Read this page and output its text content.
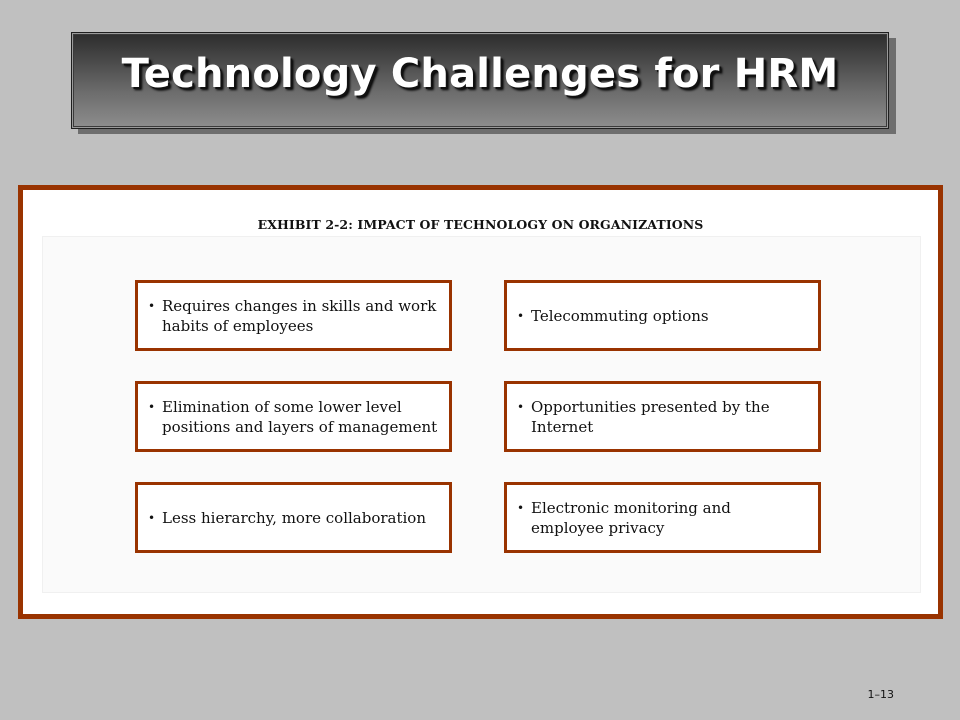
Technology Challenges for HRM
EXHIBIT 2-2: IMPACT OF TECHNOLOGY ON ORGANIZATIONS
• Requires changes in skills and work habits of employees
• Telecommuting options
• Elimination of some lower level positions and layers of management
• Opportunities presented by the Internet
• Less hierarchy, more collaboration
• Electronic monitoring and employee privacy
1–13
